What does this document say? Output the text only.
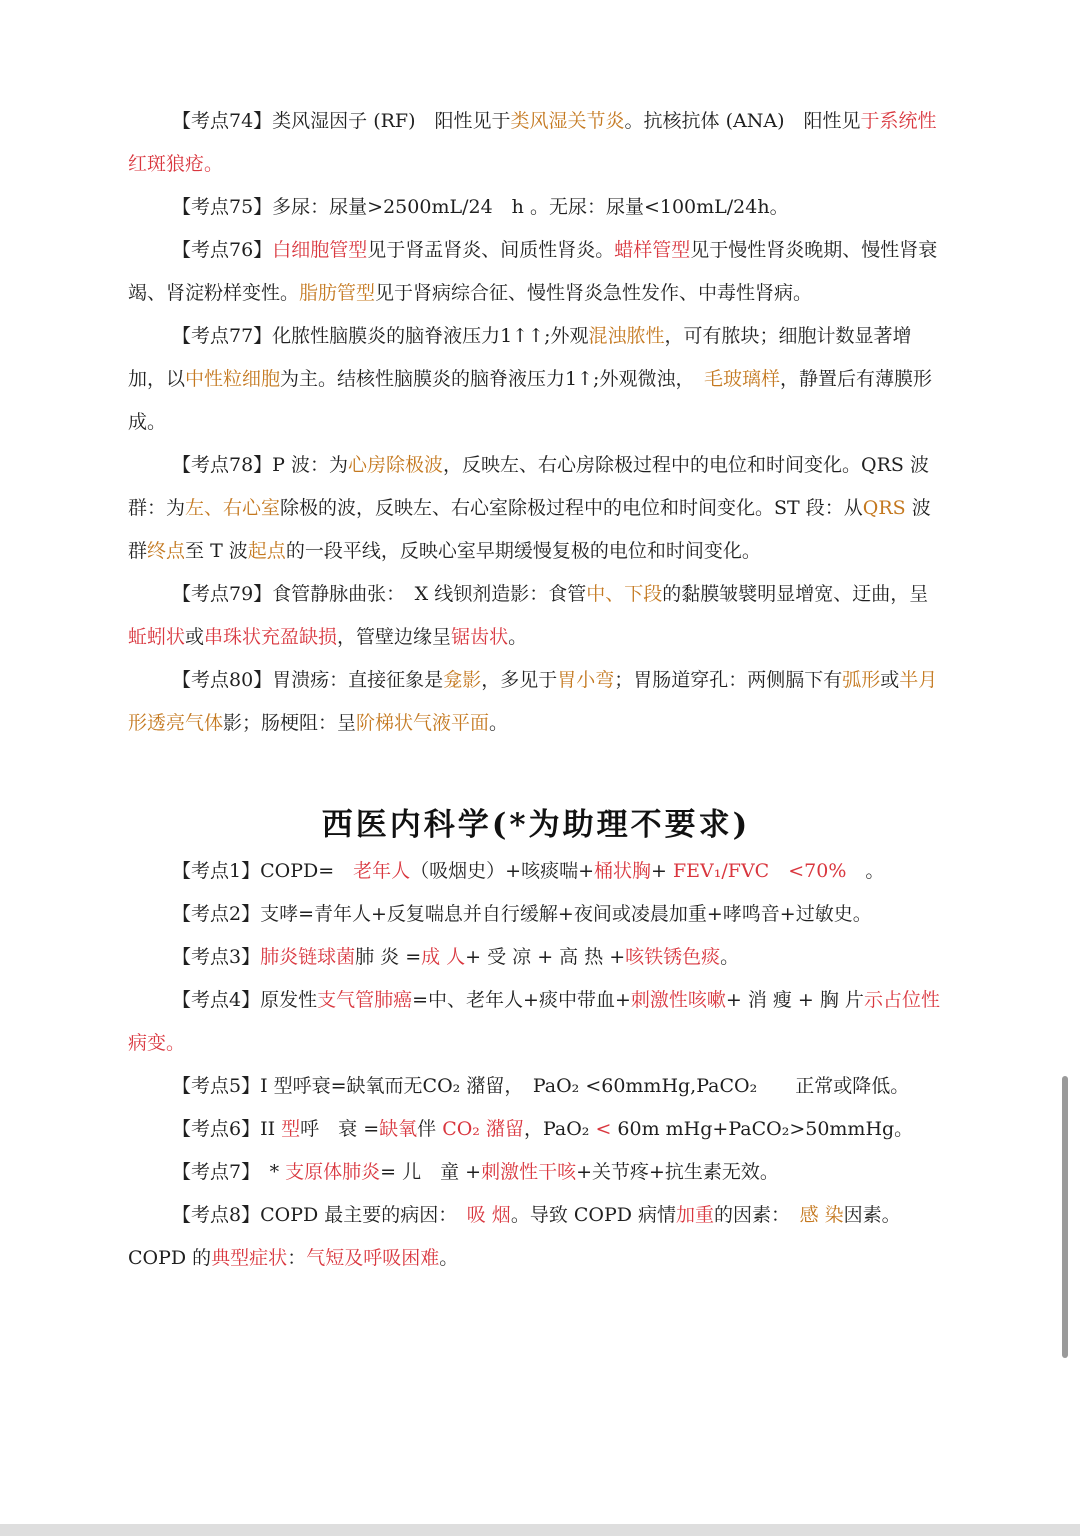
【考点74】类风湿因子 (RF)　阳性见于类风湿关节炎。抗核抗体 (ANA)　阳性见于系统性红斑狼疮。

【考点75】多尿：尿量>2500mL/24　h 。无尿：尿量<100mL/24h。

【考点76】白细胞管型见于肾盂肾炎、间质性肾炎。蜡样管型见于慢性肾炎晚期、慢性肾衰竭、肾淀粉样变性。脂肪管型见于肾病综合征、慢性肾炎急性发作、中毒性肾病。

【考点77】化脓性脑膜炎的脑脊液压力1↑↑;外观混浊脓性，可有脓块；细胞计数显著增加，以中性粒细胞为主。结核性脑膜炎的脑脊液压力1↑;外观微浊，　毛玻璃样，静置后有薄膜形成。

【考点78】P 波：为心房除极波，反映左、右心房除极过程中的电位和时间变化。QRS 波群：为左、右心室除极的波，反映左、右心室除极过程中的电位和时间变化。ST 段：从QRS 波群终点至 T 波起点的一段平线，反映心室早期缓慢复极的电位和时间变化。

【考点79】食管静脉曲张：　X 线钡剂造影：食管中、下段的黏膜皱襞明显增宽、迂曲，呈蚯蚓状或串珠状充盈缺损，管壁边缘呈锯齿状。

【考点80】胃溃疡：直接征象是龛影，多见于胃小弯；胃肠道穿孔：两侧膈下有弧形或半月形透亮气体影；肠梗阻：呈阶梯状气液平面。

西医内科学(*为助理不要求)

【考点1】COPD=　老年人（吸烟史）+咳痰喘+桶状胸+ FEV₁/FVC　<70%　。

【考点2】支哮=青年人+反复喘息并自行缓解+夜间或凌晨加重+哮鸣音+过敏史。

【考点3】肺炎链球菌肺 炎 =成 人+ 受 凉 + 高 热 +咳铁锈色痰。

【考点4】原发性支气管肺癌=中、老年人+痰中带血+刺激性咳嗽+ 消 瘦 + 胸 片示占位性病变。

【考点5】I 型呼衰=缺氧而无CO₂ 潴留，　PaO₂ <60mmHg,PaCO₂　　正常或降低。

【考点6】II 型呼　衰 =缺氧伴 CO₂ 潴留，PaO₂ < 60m mHg+PaCO₂>50mmHg。

【考点7】　* 支原体肺炎= 儿　童 +刺激性干咳+关节疼+抗生素无效。

【考点8】COPD 最主要的病因：　吸 烟。导致 COPD 病情加重的因素：　感 染因素。COPD 的典型症状：气短及呼吸困难。
